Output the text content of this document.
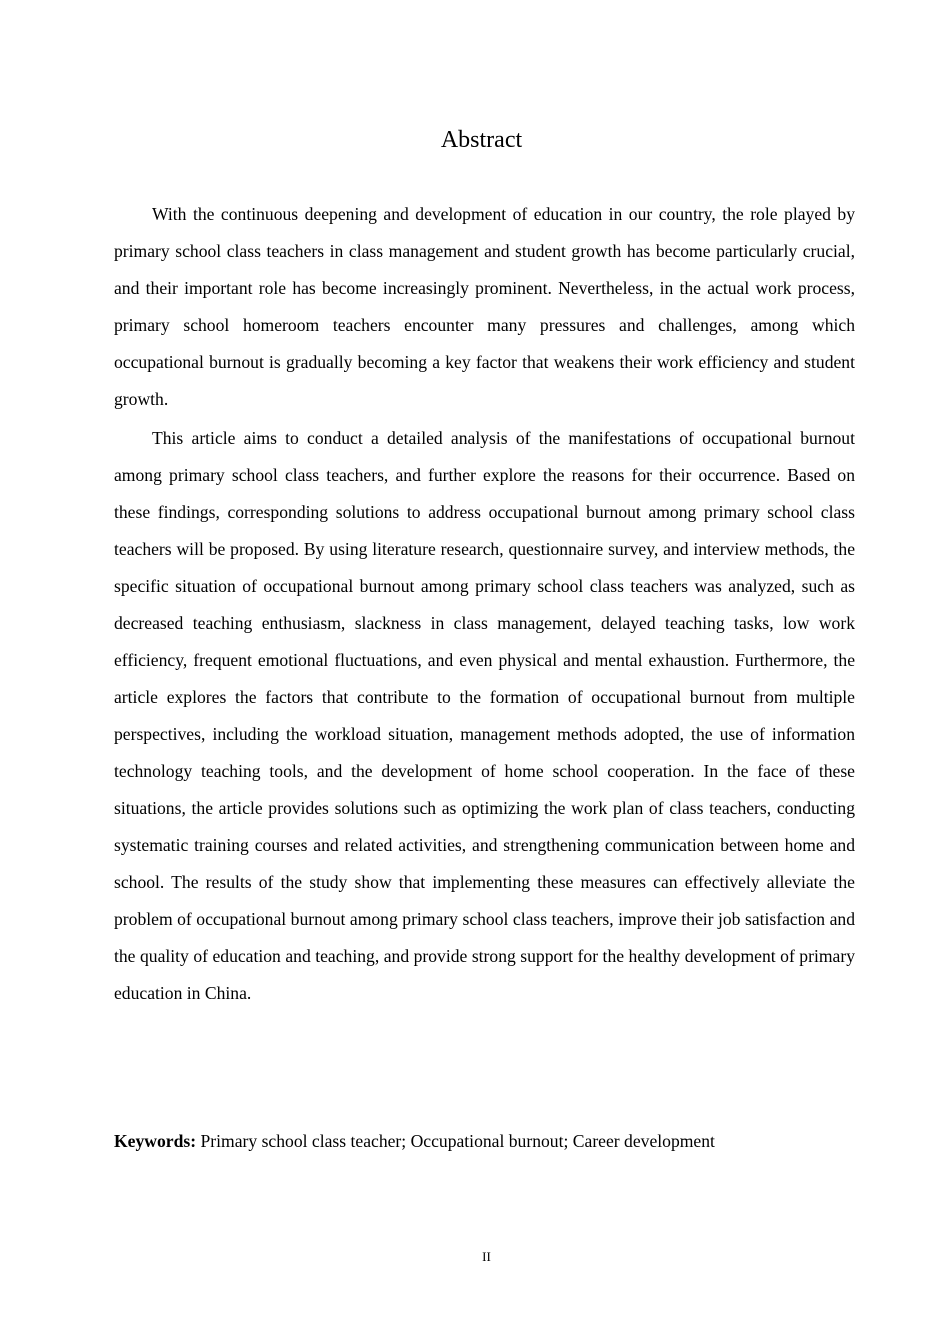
Abstract

With the continuous deepening and development of education in our country, the role played by primary school class teachers in class management and student growth has become particularly crucial, and their important role has become increasingly prominent. Nevertheless, in the actual work process, primary school homeroom teachers encounter many pressures and challenges, among which occupational burnout is gradually becoming a key factor that weakens their work efficiency and student growth.

This article aims to conduct a detailed analysis of the manifestations of occupational burnout among primary school class teachers, and further explore the reasons for their occurrence. Based on these findings, corresponding solutions to address occupational burnout among primary school class teachers will be proposed. By using literature research, questionnaire survey, and interview methods, the specific situation of occupational burnout among primary school class teachers was analyzed, such as decreased teaching enthusiasm, slackness in class management, delayed teaching tasks, low work efficiency, frequent emotional fluctuations, and even physical and mental exhaustion. Furthermore, the article explores the factors that contribute to the formation of occupational burnout from multiple perspectives, including the workload situation, management methods adopted, the use of information technology teaching tools, and the development of home school cooperation. In the face of these situations, the article provides solutions such as optimizing the work plan of class teachers, conducting systematic training courses and related activities, and strengthening communication between home and school. The results of the study show that implementing these measures can effectively alleviate the problem of occupational burnout among primary school class teachers, improve their job satisfaction and the quality of education and teaching, and provide strong support for the healthy development of primary education in China.

Keywords: Primary school class teacher; Occupational burnout; Career development

II
